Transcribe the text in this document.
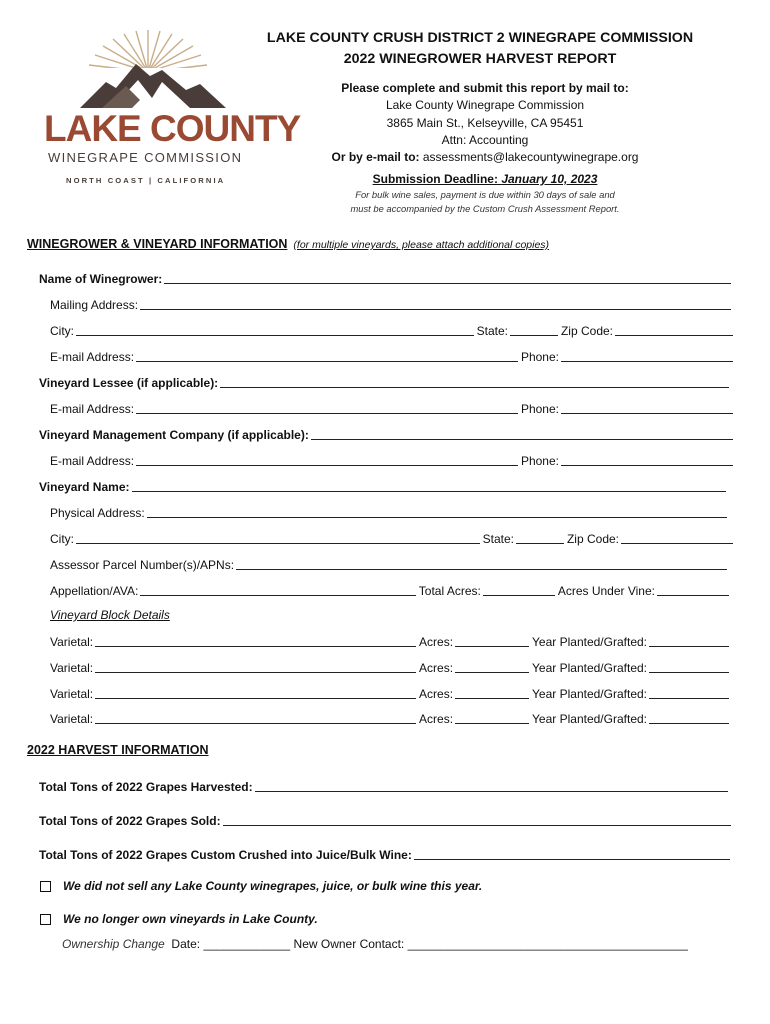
LAKE COUNTY
WINEGRAPE COMMISSION
NORTH COAST | CALIFORNIA
LAKE COUNTY CRUSH DISTRICT 2 WINEGRAPE COMMISSION
2022 WINEGROWER HARVEST REPORT
Please complete and submit this report by mail to:
Lake County Winegrape Commission
3865 Main St., Kelseyville, CA 95451
Attn: Accounting
Or by e-mail to: assessments@lakecountywinegrape.org
Submission Deadline: January 10, 2023
For bulk wine sales, payment is due within 30 days of sale and
must be accompanied by the Custom Crush Assessment Report.
WINEGROWER & VINEYARD INFORMATION (for multiple vineyards, please attach additional copies)
Name of Winegrower:
Mailing Address:
City:	State:	Zip Code:
E-mail Address:	Phone:
Vineyard Lessee (if applicable):
E-mail Address:	Phone:
Vineyard Management Company (if applicable):
E-mail Address:	Phone:
Vineyard Name:
Physical Address:
City:	State:	Zip Code:
Assessor Parcel Number(s)/APNs:
Appellation/AVA:	Total Acres:	Acres Under Vine:
Vineyard Block Details
Varietal:	Acres:	Year Planted/Grafted:
Varietal:	Acres:	Year Planted/Grafted:
Varietal:	Acres:	Year Planted/Grafted:
Varietal:	Acres:	Year Planted/Grafted:
2022 HARVEST INFORMATION
Total Tons of 2022 Grapes Harvested:
Total Tons of 2022 Grapes Sold:
Total Tons of 2022 Grapes Custom Crushed into Juice/Bulk Wine:
We did not sell any Lake County winegrapes, juice, or bulk wine this year.
We no longer own vineyards in Lake County.
Ownership Change Date: _____________ New Owner Contact: __________________________________________
